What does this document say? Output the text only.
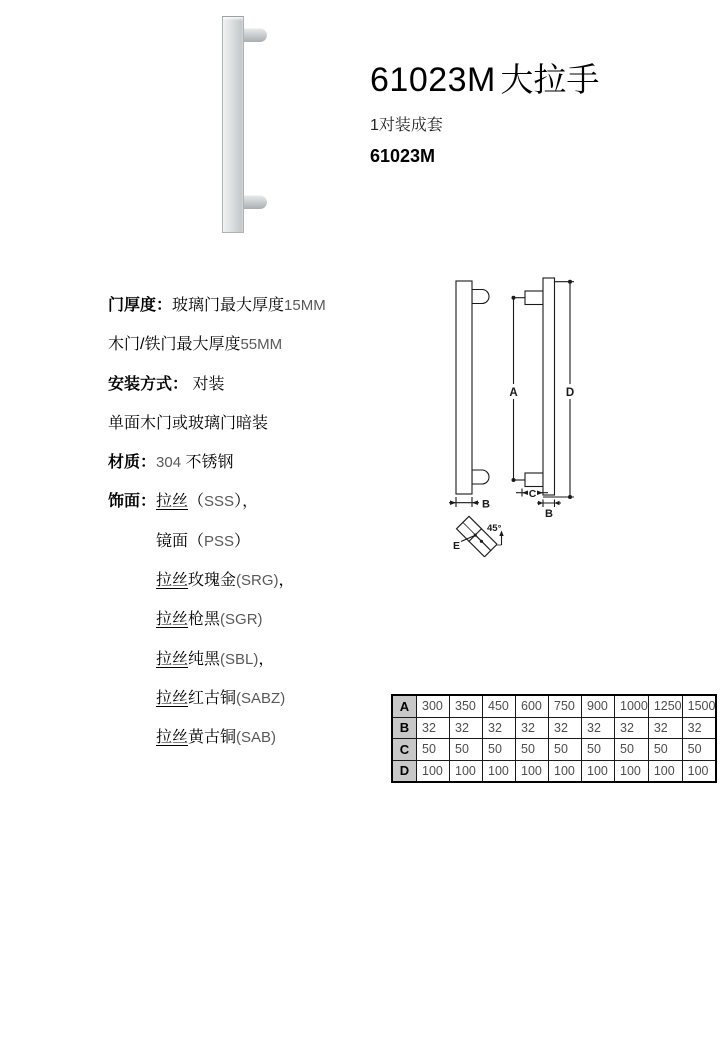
61023M 大拉手
1对装成套
61023M
门厚度：玻璃门最大厚度15MM
木门/铁门最大厚度55MM
安装方式： 对装
单面木门或玻璃门暗装
材质：304 不锈钢
饰面：拉丝（SSS），
镜面（PSS）
拉丝玫瑰金(SRG)，
拉丝枪黑(SGR)
拉丝纯黑(SBL)，
拉丝红古铜(SABZ)
拉丝黄古铜(SAB)
B
A	D
C
B
E
45°
A	300	350	450	600	750	900	1000	1250	1500
B	32	32	32	32	32	32	32	32	32
C	50	50	50	50	50	50	50	50	50
D	100	100	100	100	100	100	100	100	100
